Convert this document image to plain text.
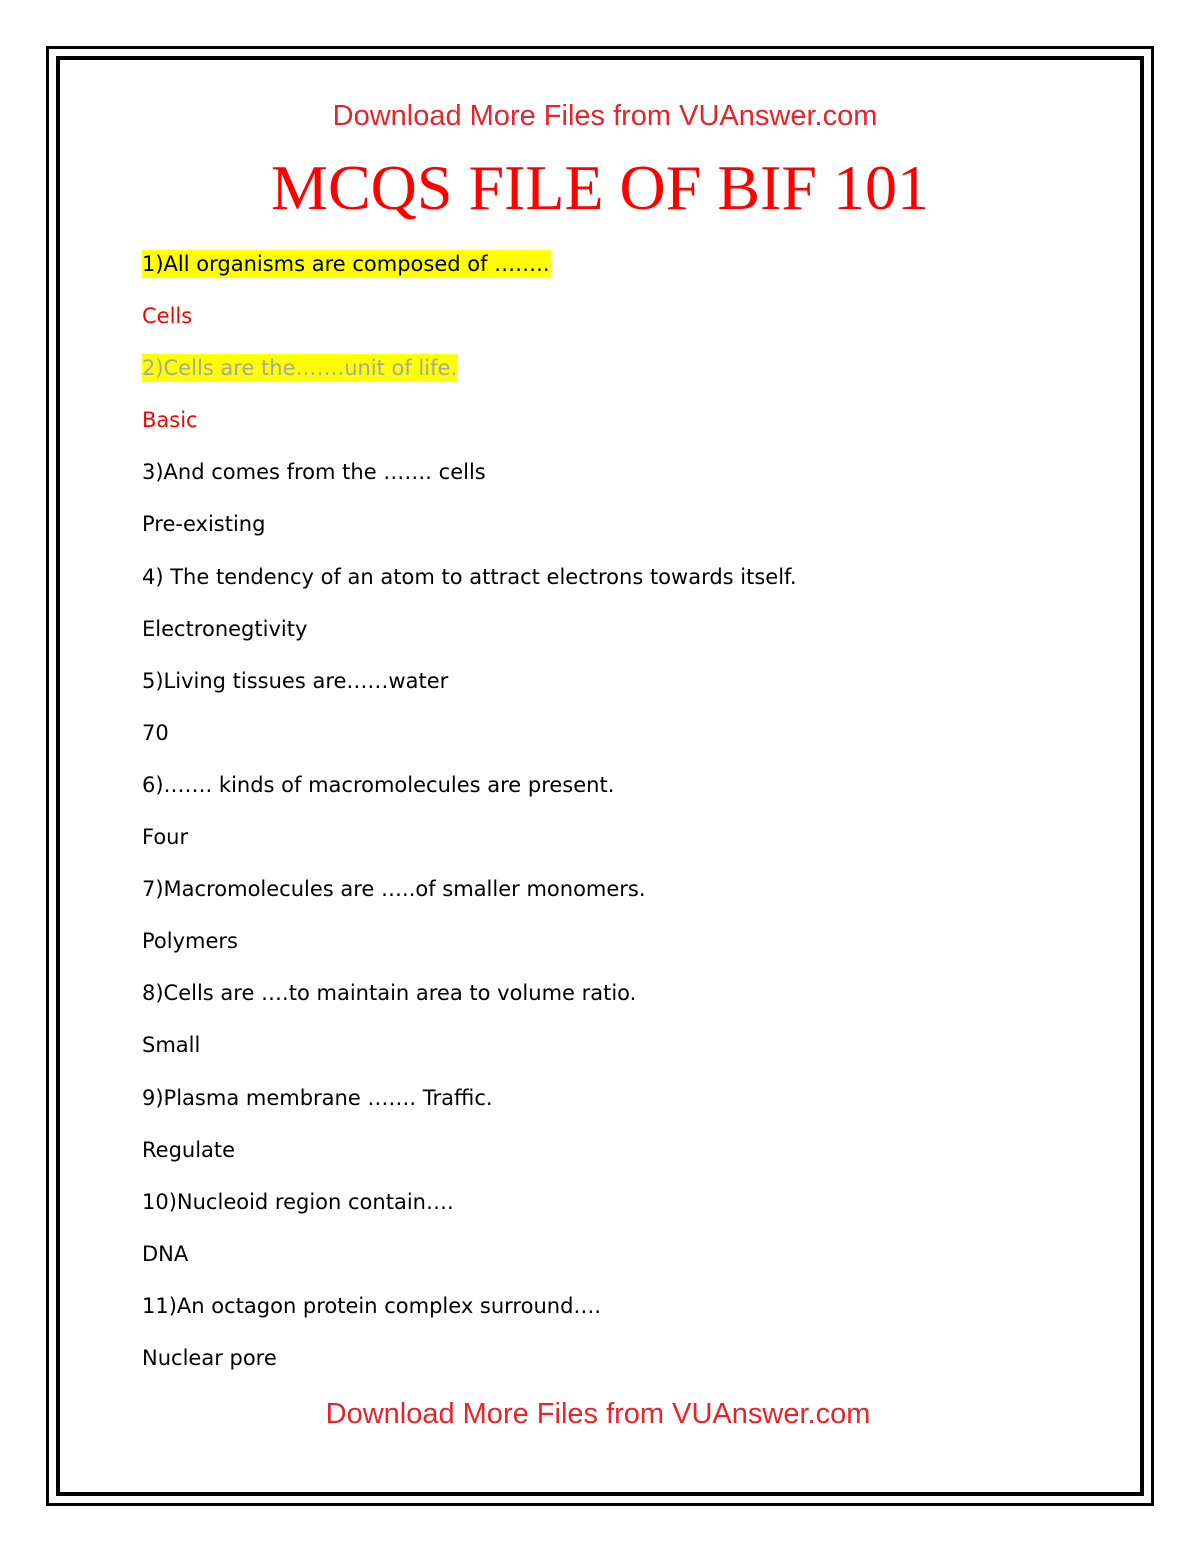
Download More Files from VUAnswer.com
MCQS FILE OF BIF 101
1)All organisms are composed of ……..
Cells
2)Cells are the…….unit of life.
Basic
3)And comes from the ……. cells
Pre-existing
4) The tendency of an atom to attract electrons towards itself.
Electronegtivity
5)Living tissues are……water
70
6)……. kinds of macromolecules are present.
Four
7)Macromolecules are …..of smaller monomers.
Polymers
8)Cells are ….to maintain area to volume ratio.
Small
9)Plasma membrane ……. Traffic.
Regulate
10)Nucleoid region contain….
DNA
11)An octagon protein complex surround….
Nuclear pore
Download More Files from VUAnswer.com
